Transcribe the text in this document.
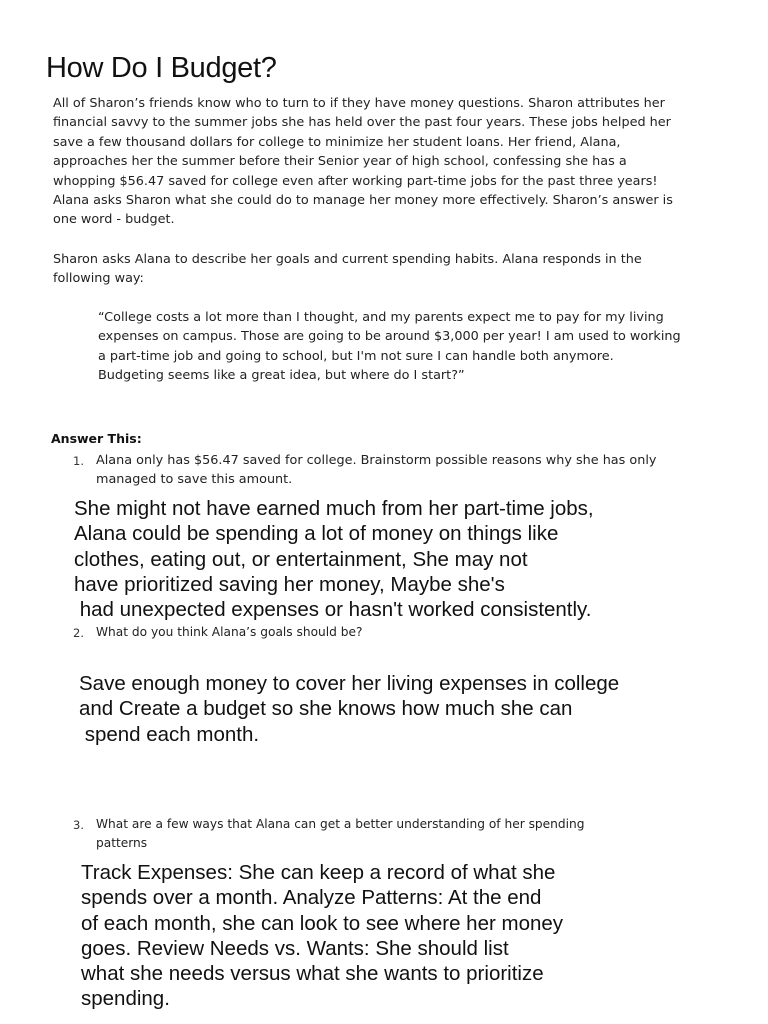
How Do I Budget?

All of Sharon’s friends know who to turn to if they have money questions. Sharon attributes her
financial savvy to the summer jobs she has held over the past four years. These jobs helped her
save a few thousand dollars for college to minimize her student loans. Her friend, Alana,
approaches her the summer before their Senior year of high school, confessing she has a
whopping $56.47 saved for college even after working part-time jobs for the past three years!
Alana asks Sharon what she could do to manage her money more effectively. Sharon’s answer is
one word - budget.

Sharon asks Alana to describe her goals and current spending habits. Alana responds in the
following way:

“College costs a lot more than I thought, and my parents expect me to pay for my living
expenses on campus. Those are going to be around $3,000 per year! I am used to working
a part-time job and going to school, but I'm not sure I can handle both anymore.
Budgeting seems like a great idea, but where do I start?”

Answer This:
1. Alana only has $56.47 saved for college. Brainstorm possible reasons why she has only
managed to save this amount.
She might not have earned much from her part-time jobs,
Alana could be spending a lot of money on things like
clothes, eating out, or entertainment, She may not
have prioritized saving her money, Maybe she's
had unexpected expenses or hasn't worked consistently.
2. What do you think Alana’s goals should be?
Save enough money to cover her living expenses in college
and Create a budget so she knows how much she can
spend each month.
3. What are a few ways that Alana can get a better understanding of her spending
patterns
Track Expenses: She can keep a record of what she
spends over a month. Analyze Patterns: At the end
of each month, she can look to see where her money
goes. Review Needs vs. Wants: She should list
what she needs versus what she wants to prioritize
spending.
